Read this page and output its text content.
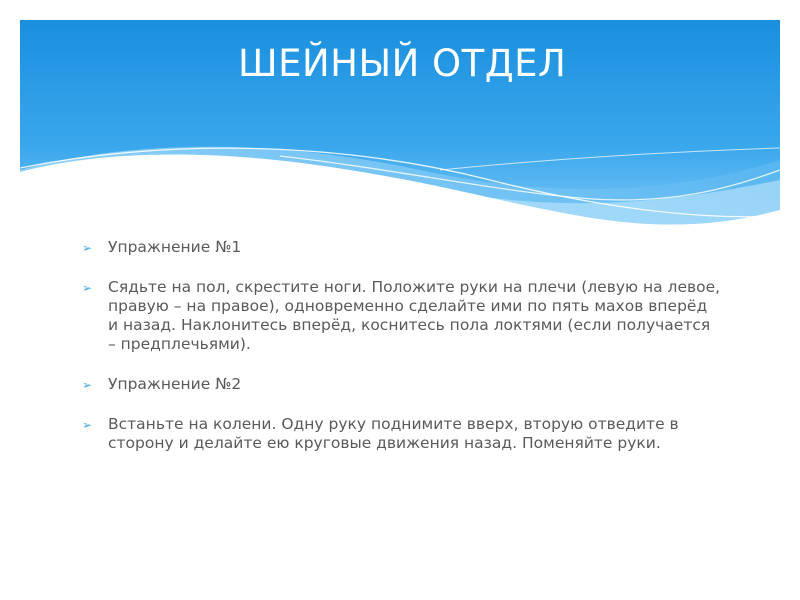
ШЕЙНЫЙ ОТДЕЛ
➢ Упражнение №1
➢ Сядьте на пол, скрестите ноги. Положите руки на плечи (левую на левое, правую – на правое), одновременно сделайте ими по пять махов вперёд и назад. Наклонитесь вперёд, коснитесь пола локтями (если получается – предплечьями).
➢ Упражнение №2
➢ Встаньте на колени. Одну руку поднимите вверх, вторую отведите в сторону и делайте ею круговые движения назад. Поменяйте руки.
